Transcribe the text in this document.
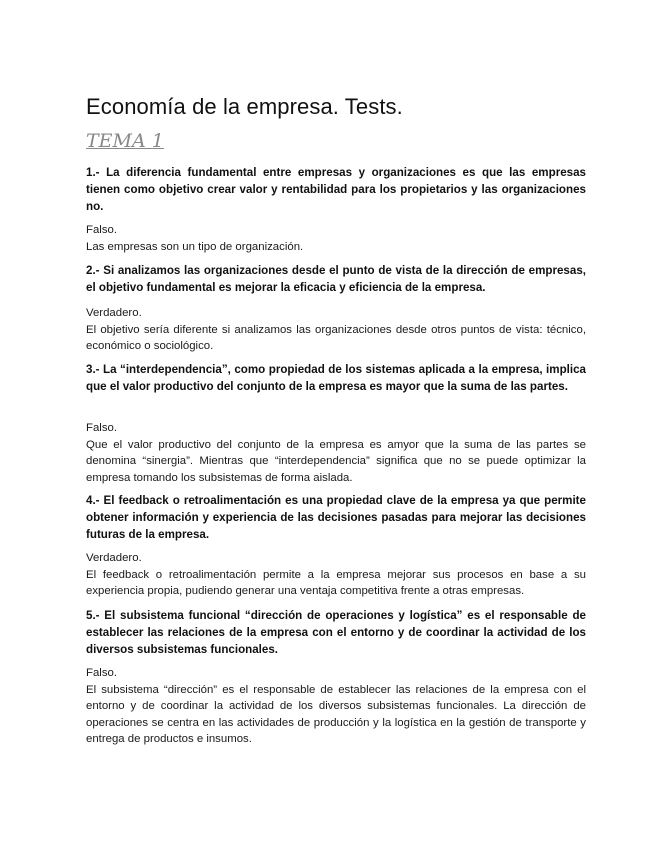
Economía de la empresa. Tests.
TEMA 1

1.- La diferencia fundamental entre empresas y organizaciones es que las empresas tienen como objetivo crear valor y rentabilidad para los propietarios y las organizaciones no.

Falso.
Las empresas son un tipo de organización.

2.- Si analizamos las organizaciones desde el punto de vista de la dirección de empresas, el objetivo fundamental es mejorar la eficacia y eficiencia de la empresa.

Verdadero.
El objetivo sería diferente si analizamos las organizaciones desde otros puntos de vista: técnico, económico o sociológico.

3.- La “interdependencia”, como propiedad de los sistemas aplicada a la empresa, implica que el valor productivo del conjunto de la empresa es mayor que la suma de las partes.

Falso.
Que el valor productivo del conjunto de la empresa es amyor que la suma de las partes se denomina “sinergia”. Mientras que “interdependencia” significa que no se puede optimizar la empresa tomando los subsistemas de forma aislada.

4.- El feedback o retroalimentación es una propiedad clave de la empresa ya que permite obtener información y experiencia de las decisiones pasadas para mejorar las decisiones futuras de la empresa.

Verdadero.
El feedback o retroalimentación permite a la empresa mejorar sus procesos en base a su experiencia propia, pudiendo generar una ventaja competitiva frente a otras empresas.

5.- El subsistema funcional “dirección de operaciones y logística” es el responsable de establecer las relaciones de la empresa con el entorno y de coordinar la actividad de los diversos subsistemas funcionales.

Falso.
El subsistema “dirección” es el responsable de establecer las relaciones de la empresa con el entorno y de coordinar la actividad de los diversos subsistemas funcionales. La dirección de operaciones se centra en las actividades de producción y la logística en la gestión de transporte y entrega de productos e insumos.
